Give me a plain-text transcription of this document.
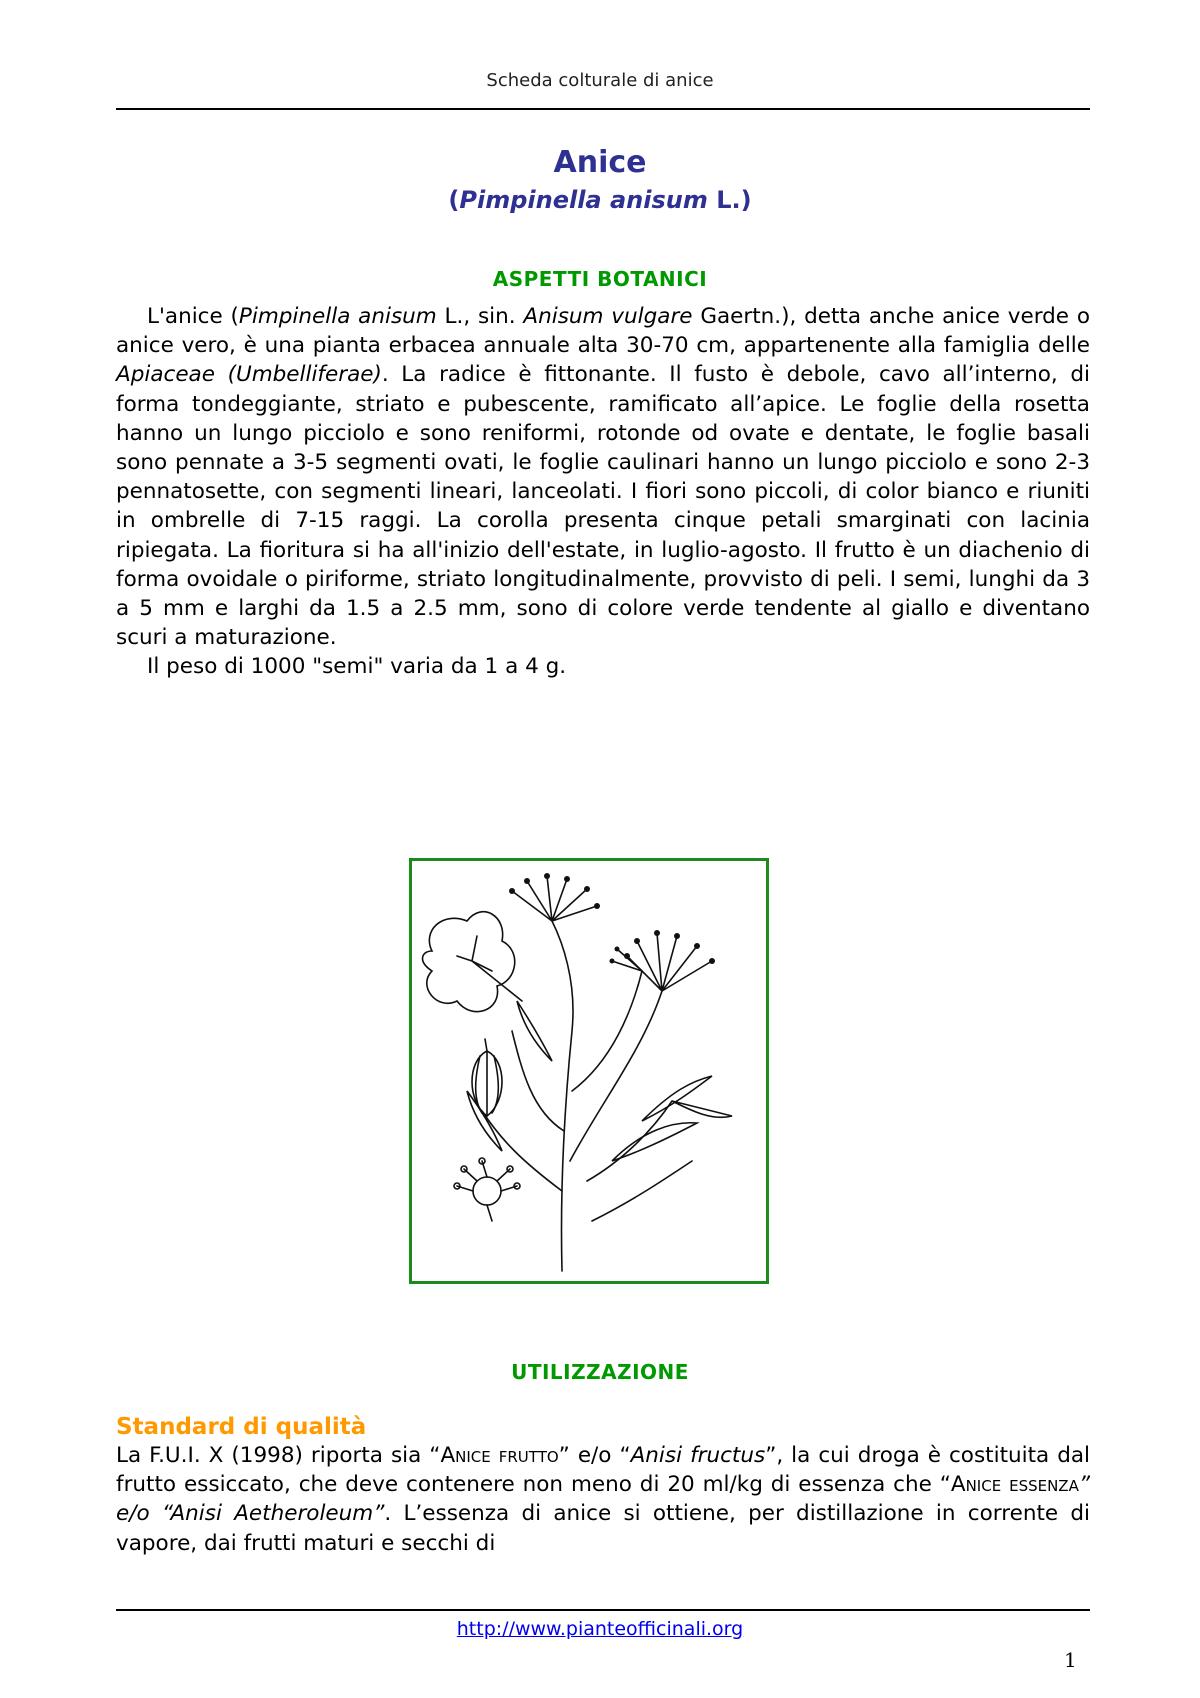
Scheda colturale di anice
Anice
(Pimpinella anisum L.)
ASPETTI BOTANICI

L'anice (Pimpinella anisum L., sin. Anisum vulgare Gaertn.), detta anche anice verde o anice vero, è una pianta erbacea annuale alta 30-70 cm, appartenente alla famiglia delle Apiaceae (Umbelliferae). La radice è fittonante. Il fusto è debole, cavo all’interno, di forma tondeggiante, striato e pubescente, ramificato all’apice. Le foglie della rosetta hanno un lungo picciolo e sono reniformi, rotonde od ovate e dentate, le foglie basali sono pennate a 3-5 segmenti ovati, le foglie caulinari hanno un lungo picciolo e sono 2-3 pennatosette, con segmenti lineari, lanceolati. I fiori sono piccoli, di color bianco e riuniti in ombrelle di 7-15 raggi. La corolla presenta cinque petali smarginati con lacinia ripiegata. La fioritura si ha all'inizio dell'estate, in luglio-agosto. Il frutto è un diachenio di forma ovoidale o piriforme, striato longitudinalmente, provvisto di peli. I semi, lunghi da 3 a 5 mm e larghi da 1.5 a 2.5 mm, sono di colore verde tendente al giallo e diventano scuri a maturazione.

Il peso di 1000 "semi" varia da 1 a 4 g.

UTILIZZAZIONE
Standard di qualità

La F.U.I. X (1998) riporta sia “Anice frutto” e/o “Anisi fructus”, la cui droga è costituita dal frutto essiccato, che deve contenere non meno di 20 ml/kg di essenza che “Anice essenza” e/o “Anisi Aetheroleum”. L’essenza di anice si ottiene, per distillazione in corrente di vapore, dai frutti maturi e secchi di

http://www.pianteofficinali.org
1
